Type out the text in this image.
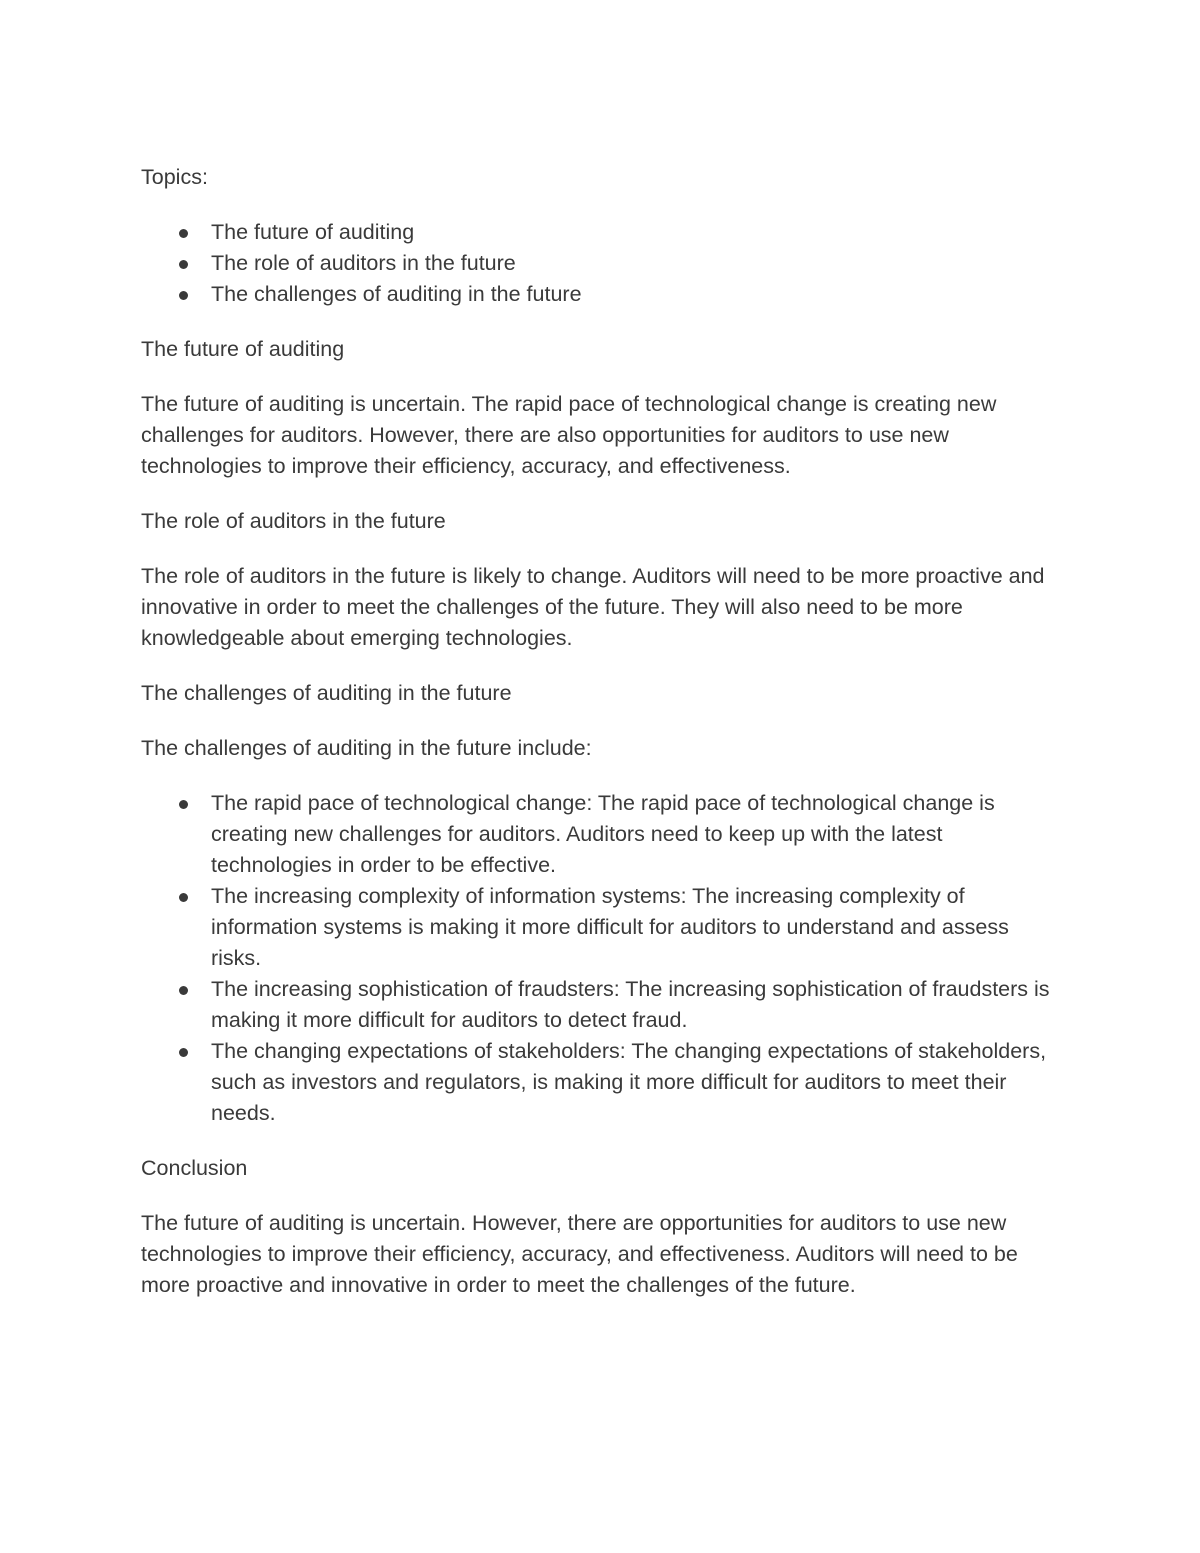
Topics:

The future of auditing
The role of auditors in the future
The challenges of auditing in the future

The future of auditing

The future of auditing is uncertain. The rapid pace of technological change is creating new challenges for auditors. However, there are also opportunities for auditors to use new technologies to improve their efficiency, accuracy, and effectiveness.

The role of auditors in the future

The role of auditors in the future is likely to change. Auditors will need to be more proactive and innovative in order to meet the challenges of the future. They will also need to be more knowledgeable about emerging technologies.

The challenges of auditing in the future

The challenges of auditing in the future include:

The rapid pace of technological change: The rapid pace of technological change is creating new challenges for auditors. Auditors need to keep up with the latest technologies in order to be effective.
The increasing complexity of information systems: The increasing complexity of information systems is making it more difficult for auditors to understand and assess risks.
The increasing sophistication of fraudsters: The increasing sophistication of fraudsters is making it more difficult for auditors to detect fraud.
The changing expectations of stakeholders: The changing expectations of stakeholders, such as investors and regulators, is making it more difficult for auditors to meet their needs.

Conclusion

The future of auditing is uncertain. However, there are opportunities for auditors to use new technologies to improve their efficiency, accuracy, and effectiveness. Auditors will need to be more proactive and innovative in order to meet the challenges of the future.
